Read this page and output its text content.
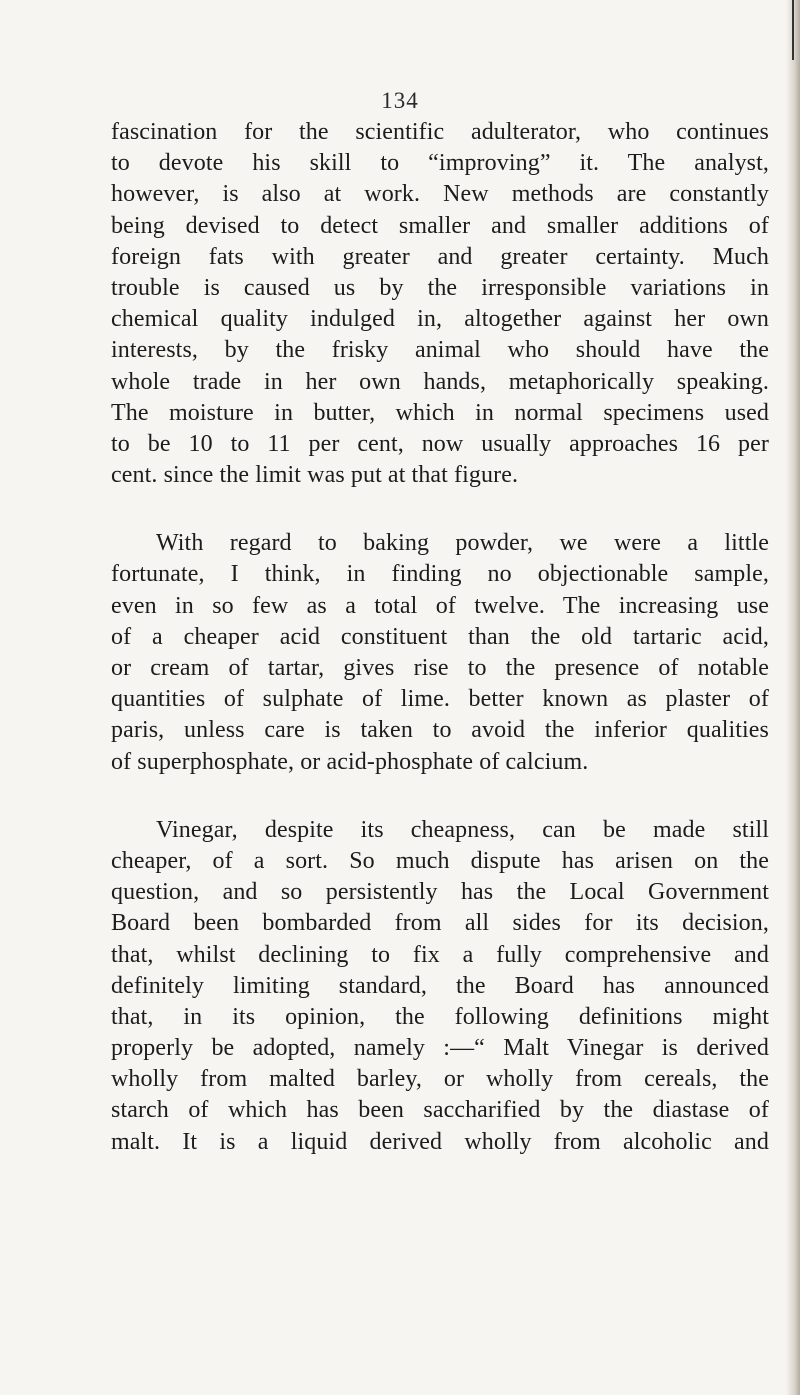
134
fascination for the scientific adulterator, who continues
to devote his skill to “improving” it. The analyst,
however, is also at work. New methods are constantly
being devised to detect smaller and smaller additions of
foreign fats with greater and greater certainty. Much
trouble is caused us by the irresponsible variations in
chemical quality indulged in, altogether against her own
interests, by the frisky animal who should have the
whole trade in her own hands, metaphorically speaking.
The moisture in butter, which in normal specimens used
to be 10 to 11 per cent, now usually approaches 16 per
cent. since the limit was put at that figure.
With regard to baking powder, we were a little
fortunate, I think, in finding no objectionable sample,
even in so few as a total of twelve. The increasing use
of a cheaper acid constituent than the old tartaric acid,
or cream of tartar, gives rise to the presence of notable
quantities of sulphate of lime. better known as plaster of
paris, unless care is taken to avoid the inferior qualities
of superphosphate, or acid-phosphate of calcium.
Vinegar, despite its cheapness, can be made still
cheaper, of a sort. So much dispute has arisen on the
question, and so persistently has the Local Government
Board been bombarded from all sides for its decision,
that, whilst declining to fix a fully comprehensive and
definitely limiting standard, the Board has announced
that, in its opinion, the following definitions might
properly be adopted, namely :—“ Malt Vinegar is derived
wholly from malted barley, or wholly from cereals, the
starch of which has been saccharified by the diastase of
malt. It is a liquid derived wholly from alcoholic and
